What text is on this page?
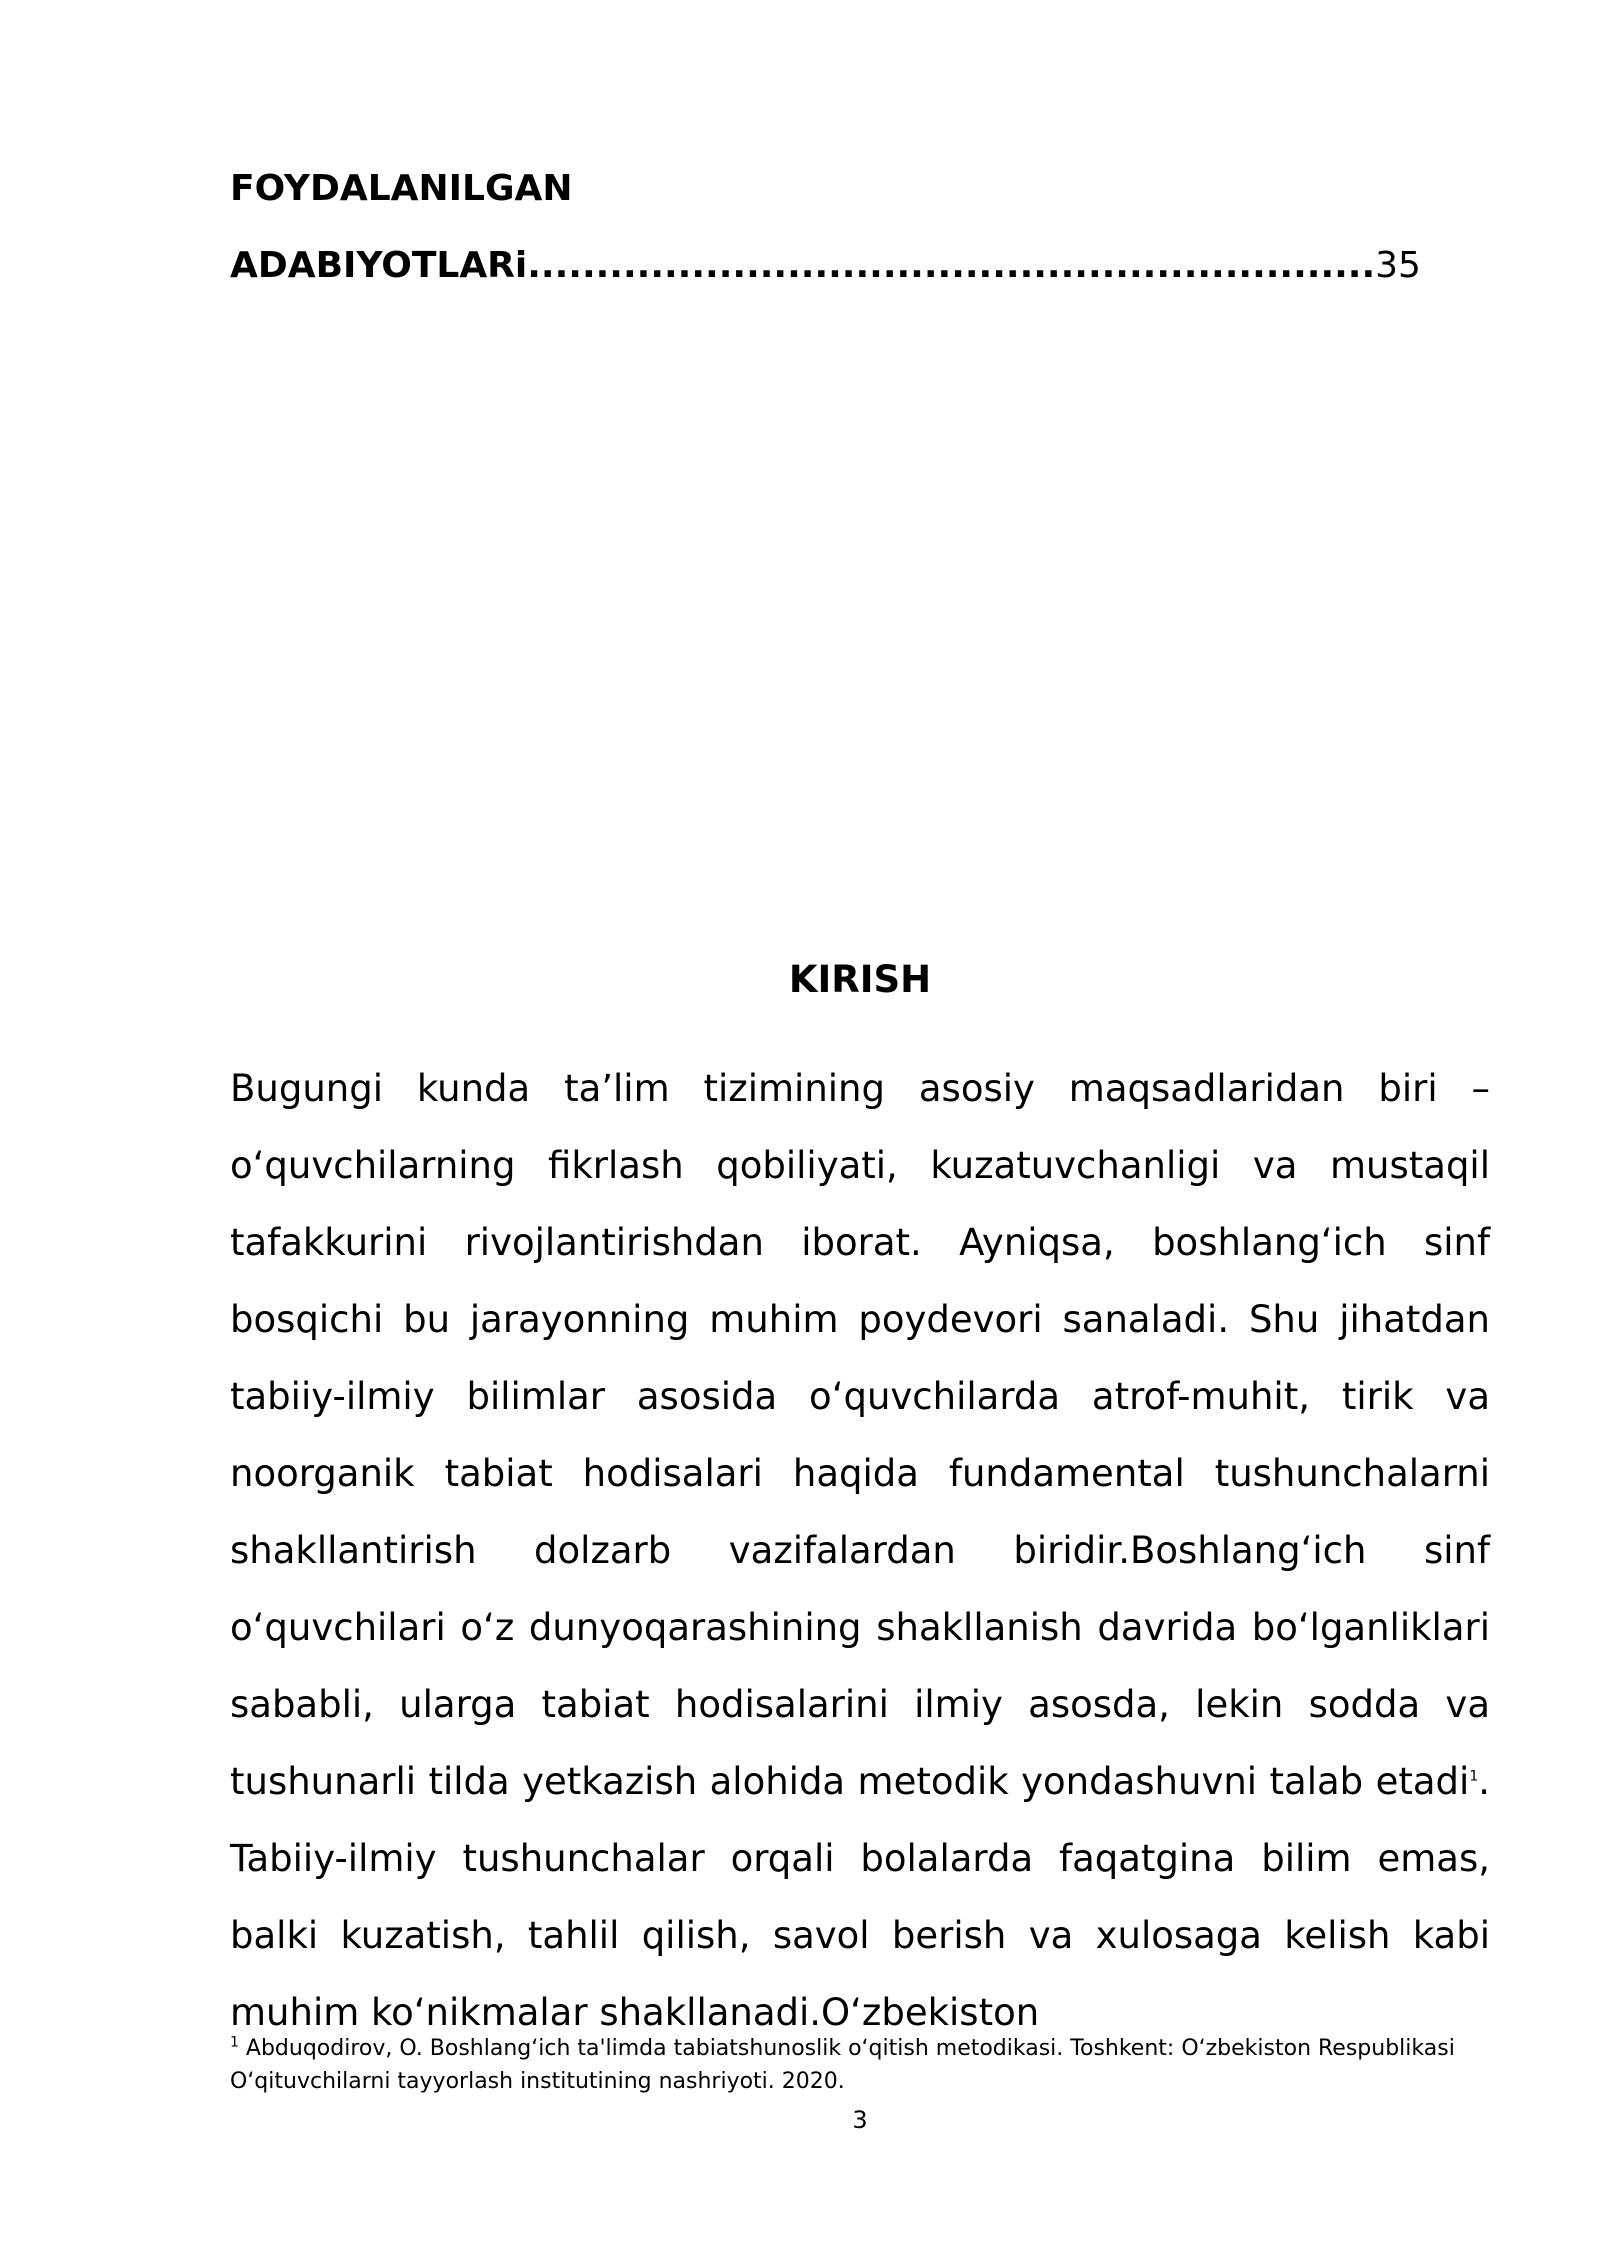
FOYDALANILGAN
ADABIYOTLARi..............................................................35
KIRISH

Bugungi kunda ta’lim tizimining asosiy maqsadlaridan biri – o‘quvchilarning fikrlash qobiliyati, kuzatuvchanligi va mustaqil tafakkurini rivojlantirishdan iborat. Ayniqsa, boshlang‘ich sinf bosqichi bu jarayonning muhim poydevori sanaladi. Shu jihatdan tabiiy-ilmiy bilimlar asosida o‘quvchilarda atrof-muhit, tirik va noorganik tabiat hodisalari haqida fundamental tushunchalarni shakllantirish dolzarb vazifalardan biridir.Boshlang‘ich sinf o‘quvchilari o‘z dunyoqarashining shakllanish davrida bo‘lganliklari sababli, ularga tabiat hodisalarini ilmiy asosda, lekin sodda va tushunarli tilda yetkazish alohida metodik yondashuvni talab etadi$^1$. Tabiiy-ilmiy tushunchalar orqali bolalarda faqatgina bilim emas, balki kuzatish, tahlil qilish, savol berish va xulosaga kelish kabi muhim ko‘nikmalar shakllanadi.O‘zbekiston

$^1$ Abduqodirov, O. Boshlang‘ich ta'limda tabiatshunoslik o‘qitish metodikasi. Toshkent: O‘zbekiston Respublikasi O‘qituvchilarni tayyorlash institutining nashriyoti. 2020.
3
